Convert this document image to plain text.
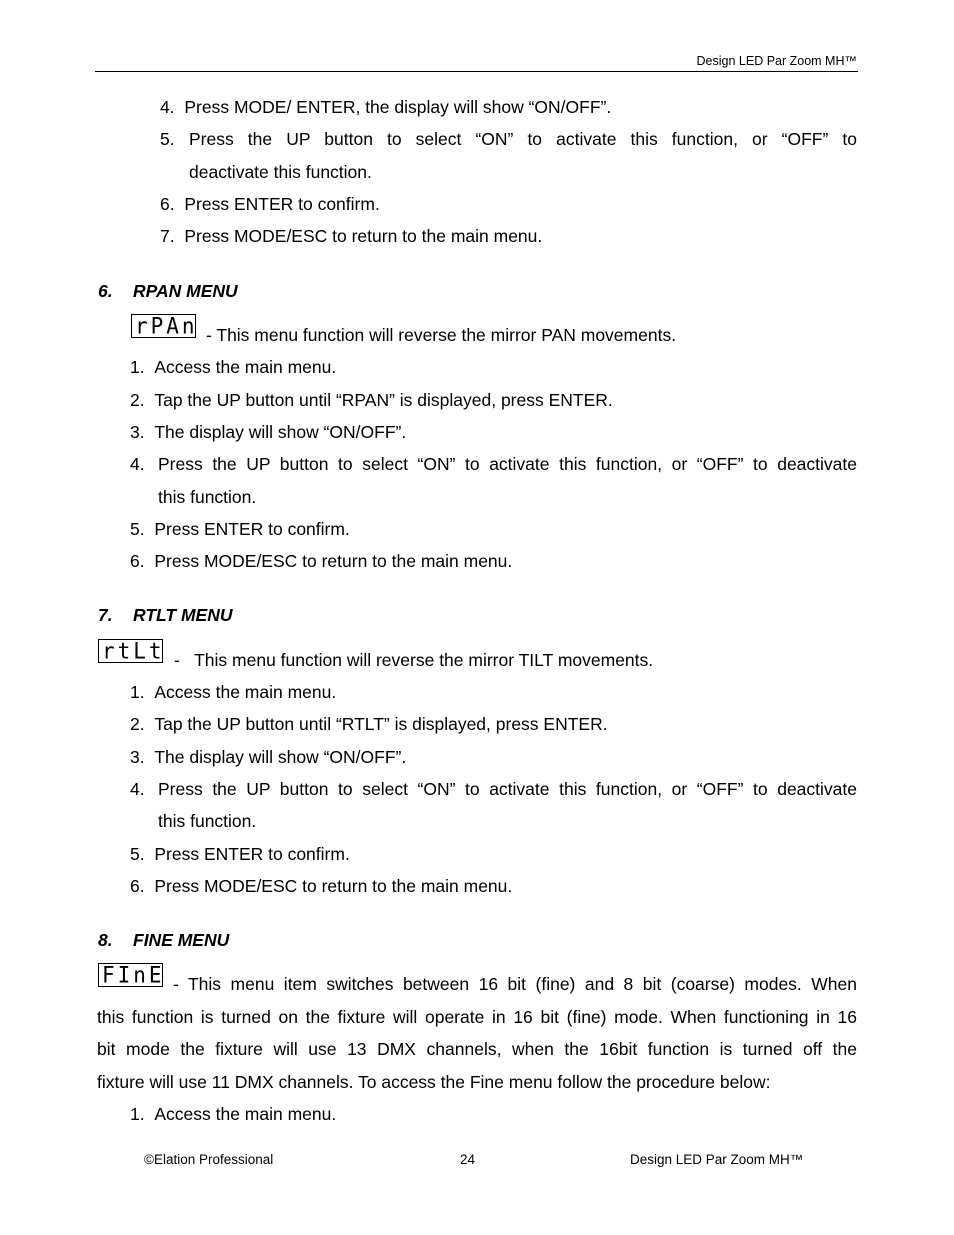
Design LED Par Zoom MH™
4. Press MODE/ ENTER, the display will show “ON/OFF”.
5. Press the UP button to select “ON” to activate this function, or “OFF” to
deactivate this function.
6. Press ENTER to confirm.
7. Press MODE/ESC to return to the main menu.
6. RPAN MENU
rPAn - This menu function will reverse the mirror PAN movements.
1. Access the main menu.
2. Tap the UP button until “RPAN” is displayed, press ENTER.
3. The display will show “ON/OFF”.
4. Press the UP button to select “ON” to activate this function, or “OFF” to deactivate
this function.
5. Press ENTER to confirm.
6. Press MODE/ESC to return to the main menu.
7. RTLT MENU
rtLt -   This menu function will reverse the mirror TILT movements.
1. Access the main menu.
2. Tap the UP button until “RTLT” is displayed, press ENTER.
3. The display will show “ON/OFF”.
4. Press the UP button to select “ON” to activate this function, or “OFF” to deactivate
this function.
5. Press ENTER to confirm.
6. Press MODE/ESC to return to the main menu.
8. FINE MENU
FInE - This menu item switches between 16 bit (fine) and 8 bit (coarse) modes. When
this function is turned on the fixture will operate in 16 bit (fine) mode. When functioning in 16
bit mode the fixture will use 13 DMX channels, when the 16bit function is turned off the
fixture will use 11 DMX channels. To access the Fine menu follow the procedure below:
1. Access the main menu.
©Elation Professional	24	Design LED Par Zoom MH™
